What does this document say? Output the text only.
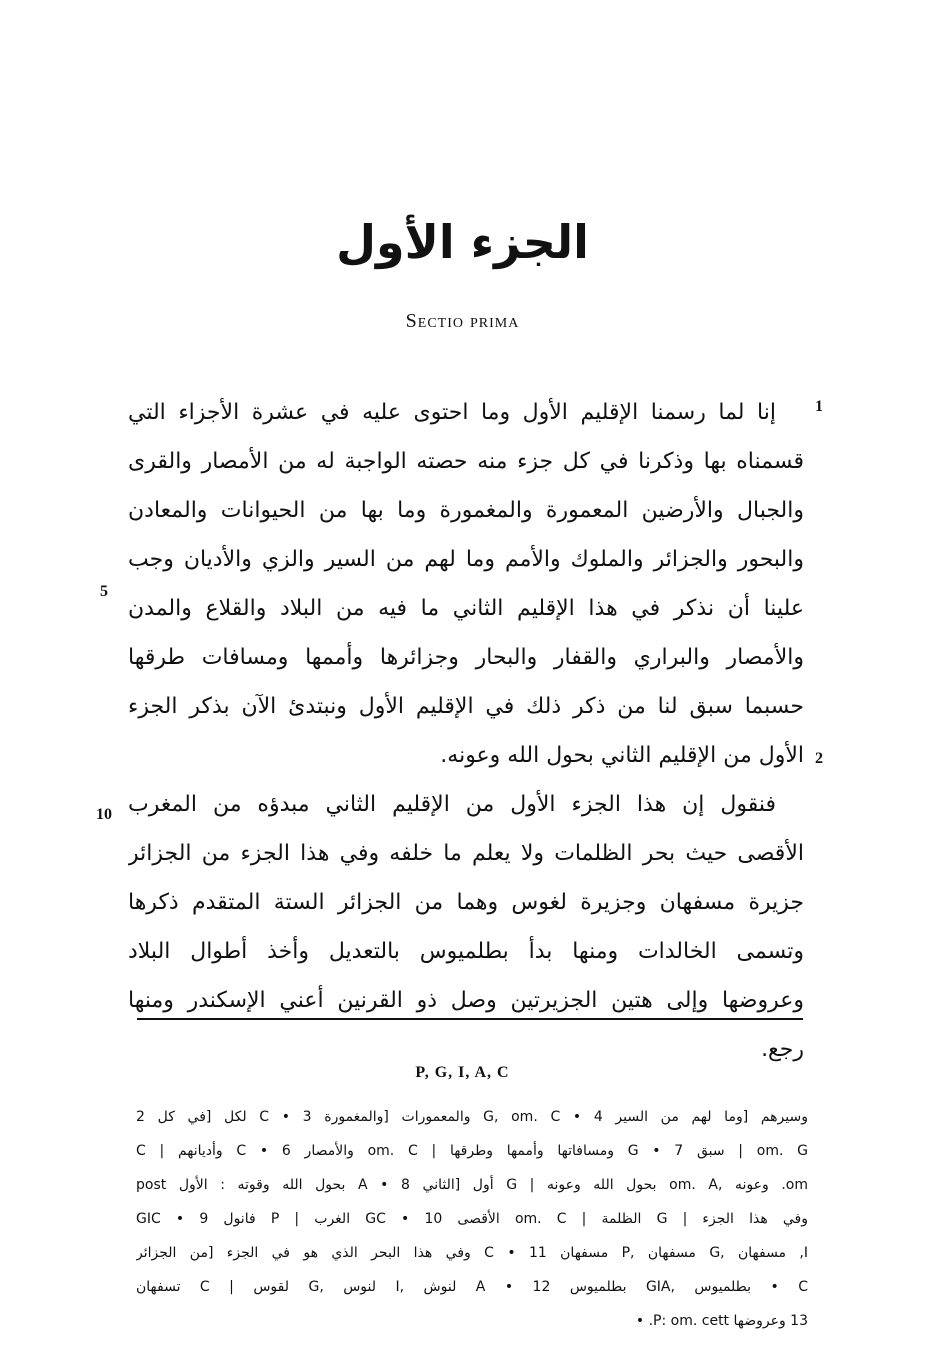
الجزء الأول
Sectio prima
إنا لما رسمنا الإقليم الأول وما احتوى عليه في عشرة الأجزاء التي
قسمناه بها وذكرنا في كل جزء منه حصته الواجبة له من الأمصار والقرى
والجبال والأرضين المعمورة والمغمورة وما بها من الحيوانات والمعادن
والبحور والجزائر والملوك والأمم وما لهم من السير والزي والأديان وجب
علينا أن نذكر في هذا الإقليم الثاني ما فيه من البلاد والقلاع والمدن
والأمصار والبراري والقفار والبحار وجزائرها وأممها ومسافات طرقها
حسبما سبق لنا من ذكر ذلك في الإقليم الأول ونبتدئ الآن بذكر الجزء
الأول من الإقليم الثاني بحول الله وعونه.
فنقول إن هذا الجزء الأول من الإقليم الثاني مبدؤه من المغرب
الأقصى حيث بحر الظلمات ولا يعلم ما خلفه وفي هذا الجزء من الجزائر
جزيرة مسفهان وجزيرة لغوس وهما من الجزائر الستة المتقدم ذكرها
وتسمى الخالدات ومنها بدأ بطلميوس بالتعديل وأخذ أطوال البلاد
وعروضها وإلى هتين الجزيرتين وصل ذو القرنين أعني الإسكندر ومنها
رجع.
1
2
5
10
P, G, I, A, C
وسيرهم [وما لهم من السير 4 • G, om. C والمعمورات [والمغمورة 3 • C لكل [في كل 2
om. G | سبق 7 • G ومسافاتها وأممها وطرقها | om. C والأمصار 6 • C وأديانهم | C
om. وعونه ,om. A بحول الله وعونه | G أول [الثاني 8 • A بحول الله وقوته : الأول post
وفي هذا الجزء | G الظلمة | om. C الأقصى 10 • GC الغرب | P فانول 9 • GIC
I, مسفهان ,G مسفهان ,P مسفهان 11 • C وفي هذا البحر الذي هو في الجزء [من الجزائر
C • بطلميوس ,GIA بطلميوس 12 • A لنوش ,I لنوس ,G لقوس | C تسفهان
13 وعروضها P: om. cett. •
